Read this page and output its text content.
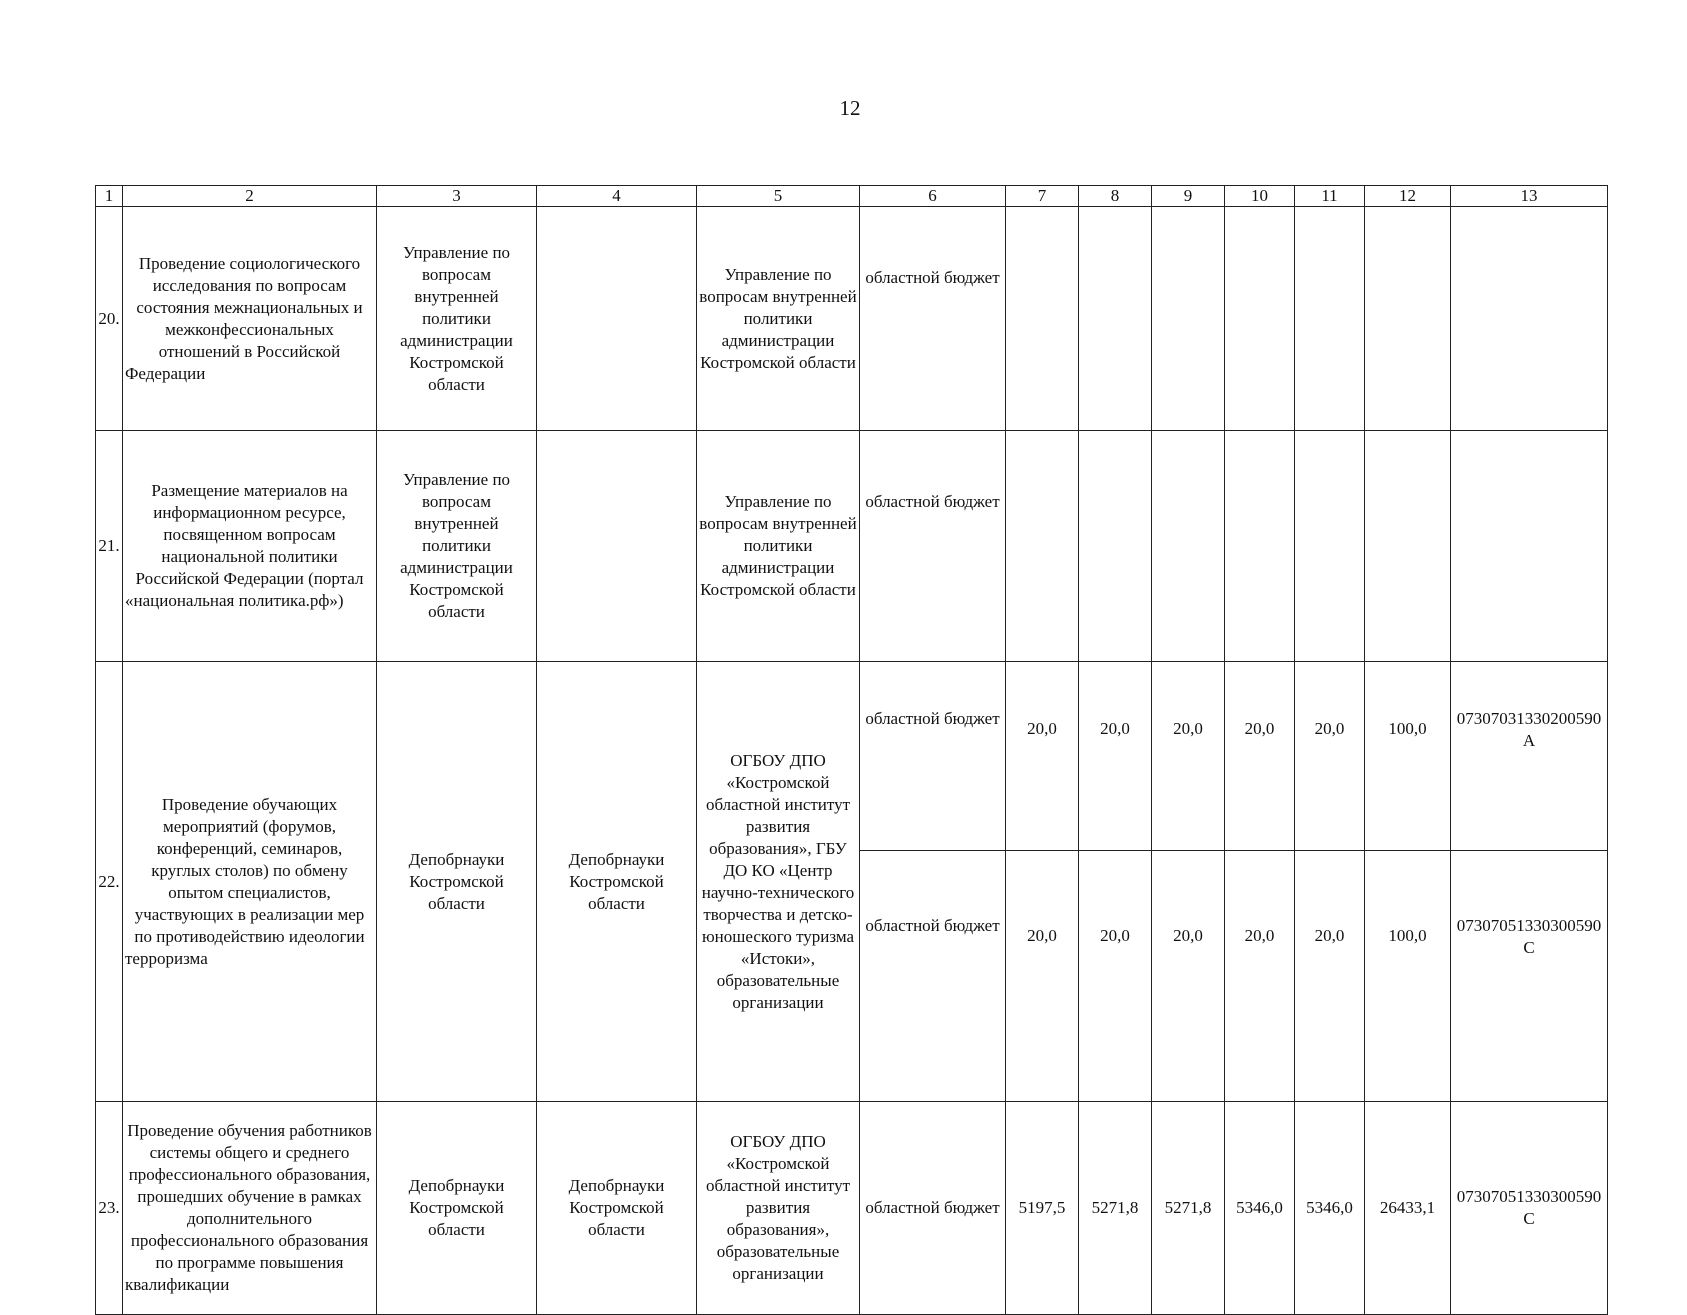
12
1	2	3	4	5	6	7	8	9	10	11	12	13
20.	Проведение социологического исследования по вопросам состояния межнациональных и межконфессиональных отношений в Российской Федерации	Управление по вопросам внутренней политики администрации Костромской области		Управление по вопросам внутренней политики администрации Костромской области	областной бюджет							
21.	Размещение материалов на информационном ресурсе, посвященном вопросам национальной политики Российской Федерации (портал «национальная политика.рф»)	Управление по вопросам внутренней политики администрации Костромской области		Управление по вопросам внутренней политики администрации Костромской области	областной бюджет							
22.	Проведение обучающих мероприятий (форумов, конференций, семинаров, круглых столов) по обмену опытом специалистов, участвующих в реализации мер по противодействию идеологии терроризма	Депобрнауки Костромской области	Депобрнауки Костромской области	ОГБОУ ДПО «Костромской областной институт развития образования», ГБУ ДО КО «Центр научно-технического творчества и детско-юношеского туризма «Истоки», образовательные организации	областной бюджет	20,0	20,0	20,0	20,0	20,0	100,0	07307031330200590
А

					областной бюджет	20,0	20,0	20,0	20,0	20,0	100,0	07307051330300590
С

23.	Проведение обучения работников системы общего и среднего профессионального образования, прошедших обучение в рамках дополнительного профессионального образования по программе повышения квалификации	Депобрнауки Костромской области	Депобрнауки Костромской области	ОГБОУ ДПО «Костромской областной институт развития образования», образовательные организации	областной бюджет	5197,5	5271,8	5271,8	5346,0	5346,0	26433,1	07307051330300590
С
